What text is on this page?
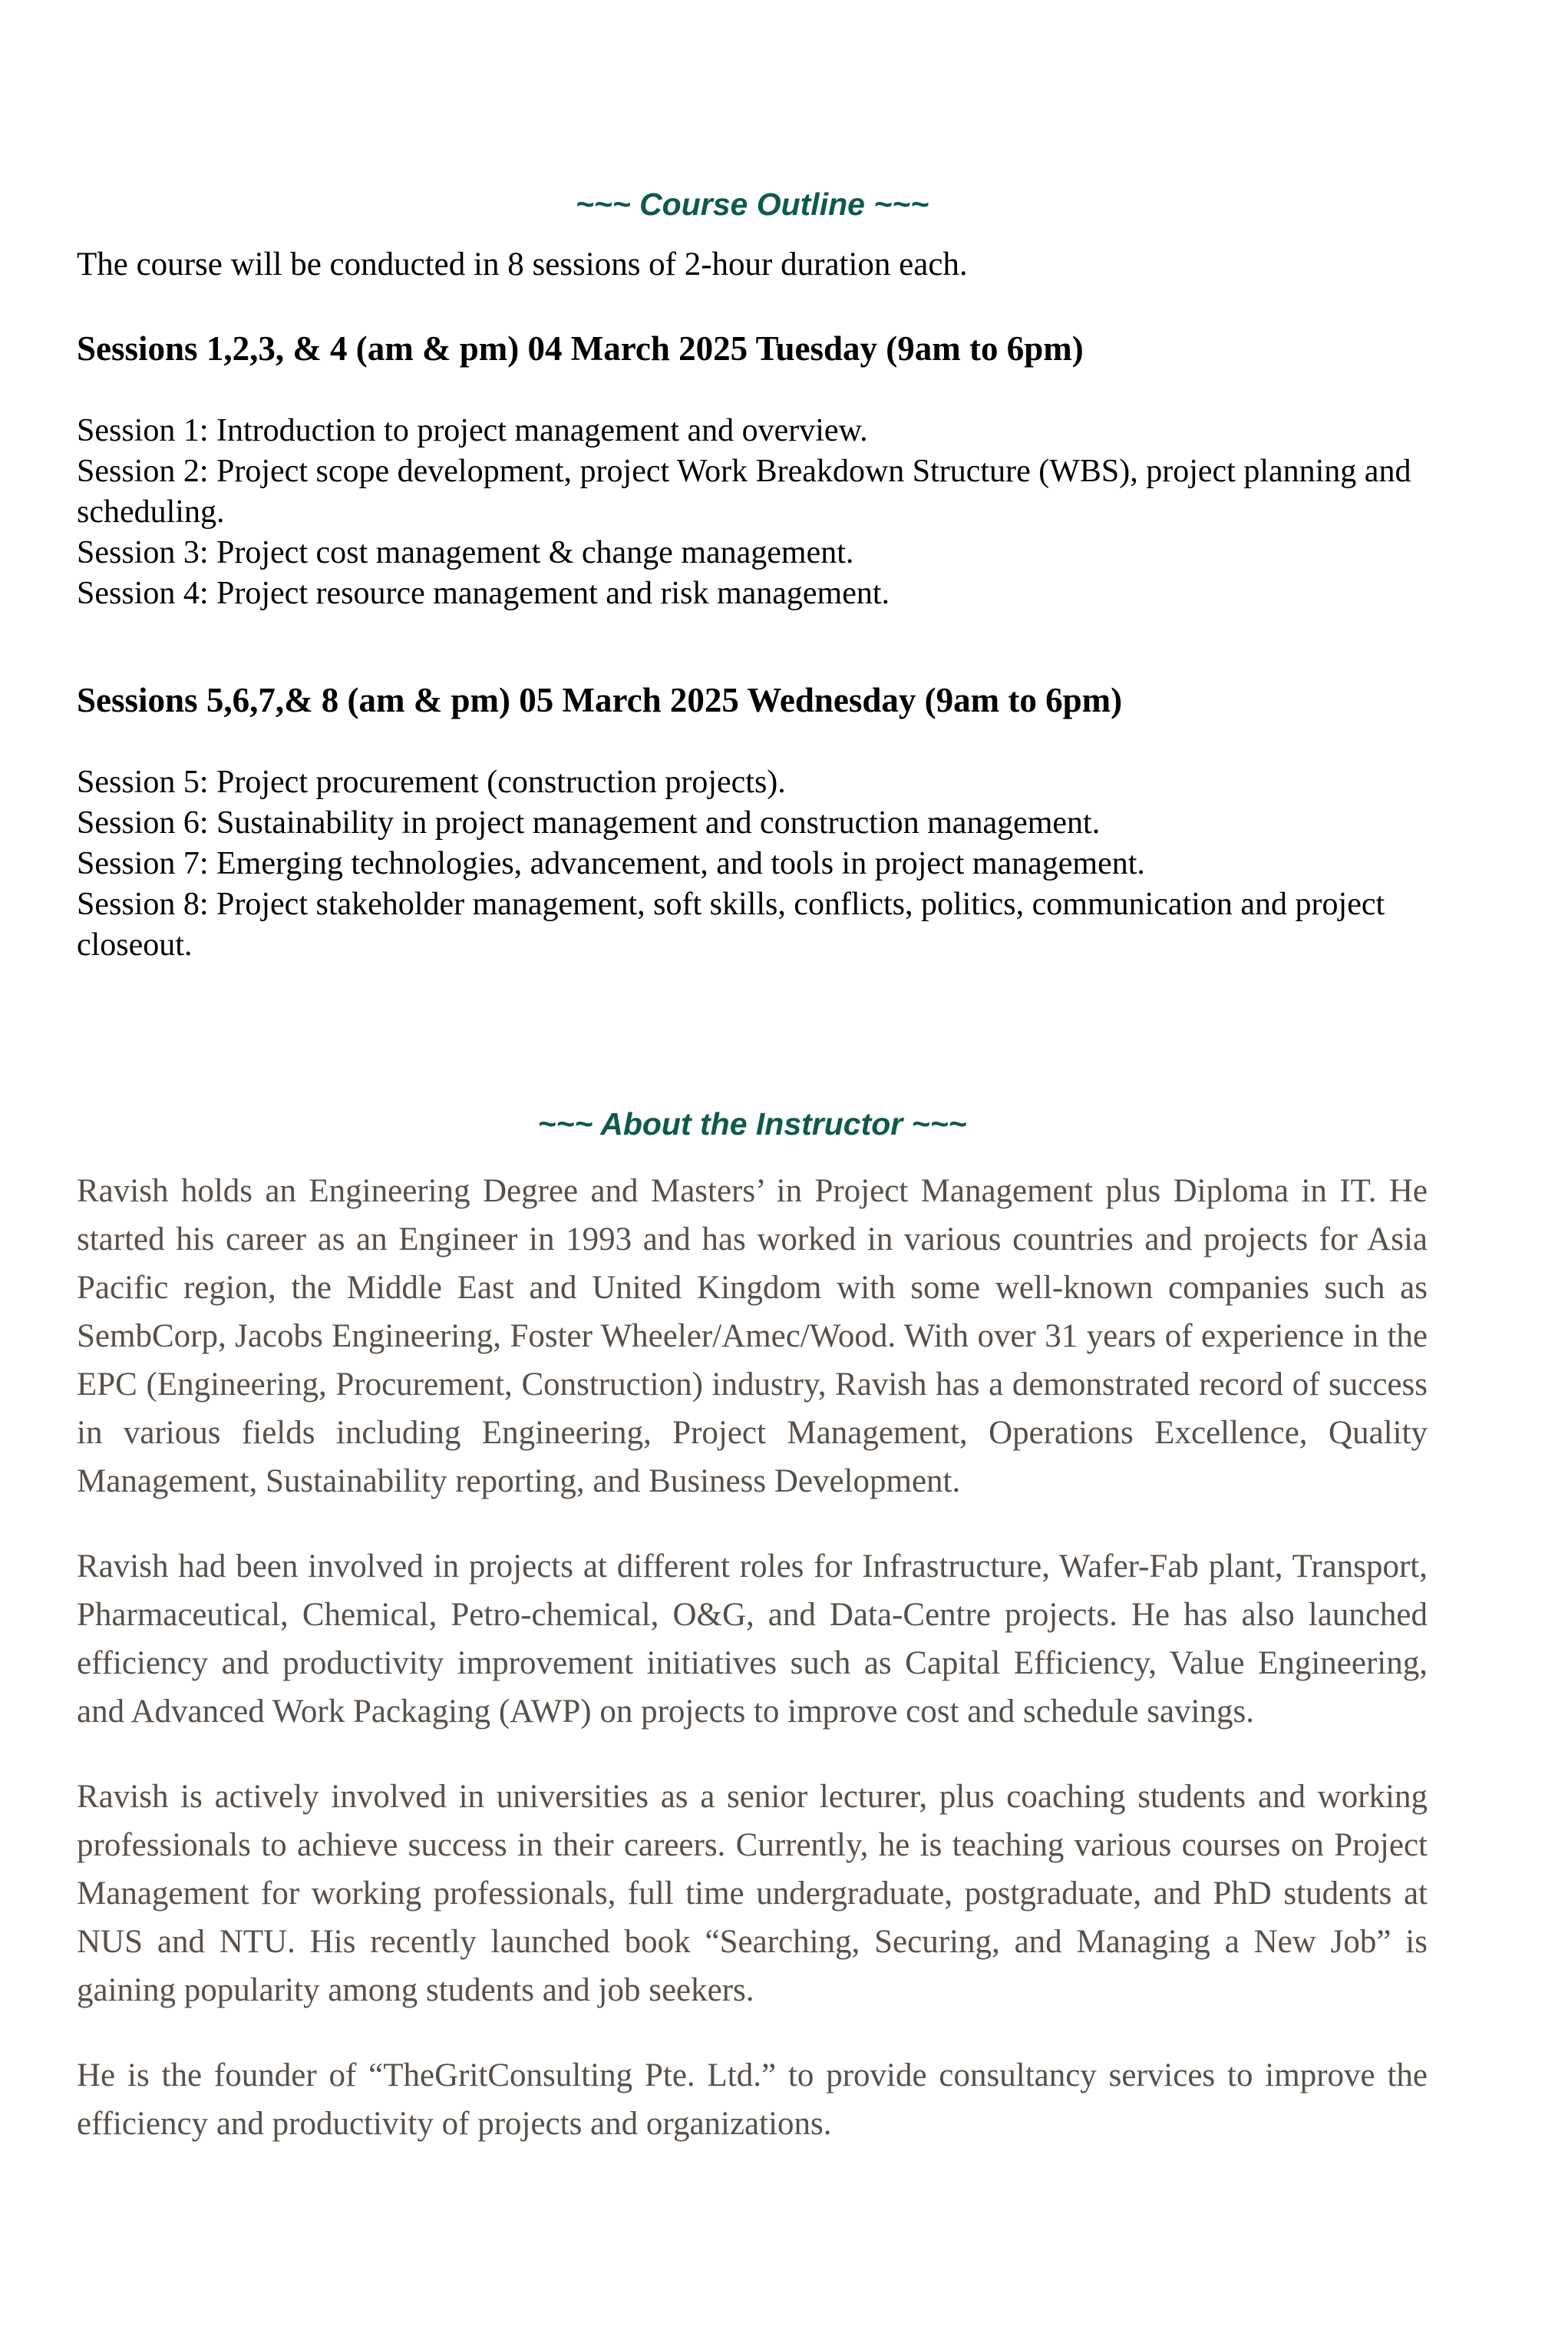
~~~ Course Outline ~~~

The course will be conducted in 8 sessions of 2-hour duration each.

Sessions 1,2,3, & 4 (am & pm) 04 March 2025 Tuesday (9am to 6pm)

Session 1: Introduction to project management and overview.

Session 2: Project scope development, project Work Breakdown Structure (WBS), project planning and scheduling.

Session 3: Project cost management & change management.

Session 4: Project resource management and risk management.

Sessions 5,6,7,& 8 (am & pm) 05 March 2025 Wednesday (9am to 6pm)

Session 5: Project procurement (construction projects).

Session 6: Sustainability in project management and construction management.

Session 7: Emerging technologies, advancement, and tools in project management.

Session 8: Project stakeholder management, soft skills, conflicts, politics, communication and project closeout.

~~~ About the Instructor ~~~

Ravish holds an Engineering Degree and Masters’ in Project Management plus Diploma in IT. He started his career as an Engineer in 1993 and has worked in various countries and projects for Asia Pacific region, the Middle East and United Kingdom with some well-known companies such as SembCorp, Jacobs Engineering, Foster Wheeler/Amec/Wood. With over 31 years of experience in the EPC (Engineering, Procurement, Construction) industry, Ravish has a demonstrated record of success in various fields including Engineering, Project Management, Operations Excellence, Quality Management, Sustainability reporting, and Business Development.

Ravish had been involved in projects at different roles for Infrastructure, Wafer-Fab plant, Transport, Pharmaceutical, Chemical, Petro-chemical, O&G, and Data-Centre projects. He has also launched efficiency and productivity improvement initiatives such as Capital Efficiency, Value Engineering, and Advanced Work Packaging (AWP) on projects to improve cost and schedule savings.

Ravish is actively involved in universities as a senior lecturer, plus coaching students and working professionals to achieve success in their careers. Currently, he is teaching various courses on Project Management for working professionals, full time undergraduate, postgraduate, and PhD students at NUS and NTU. His recently launched book “Searching, Securing, and Managing a New Job” is gaining popularity among students and job seekers.

He is the founder of “TheGritConsulting Pte. Ltd.” to provide consultancy services to improve the efficiency and productivity of projects and organizations.
